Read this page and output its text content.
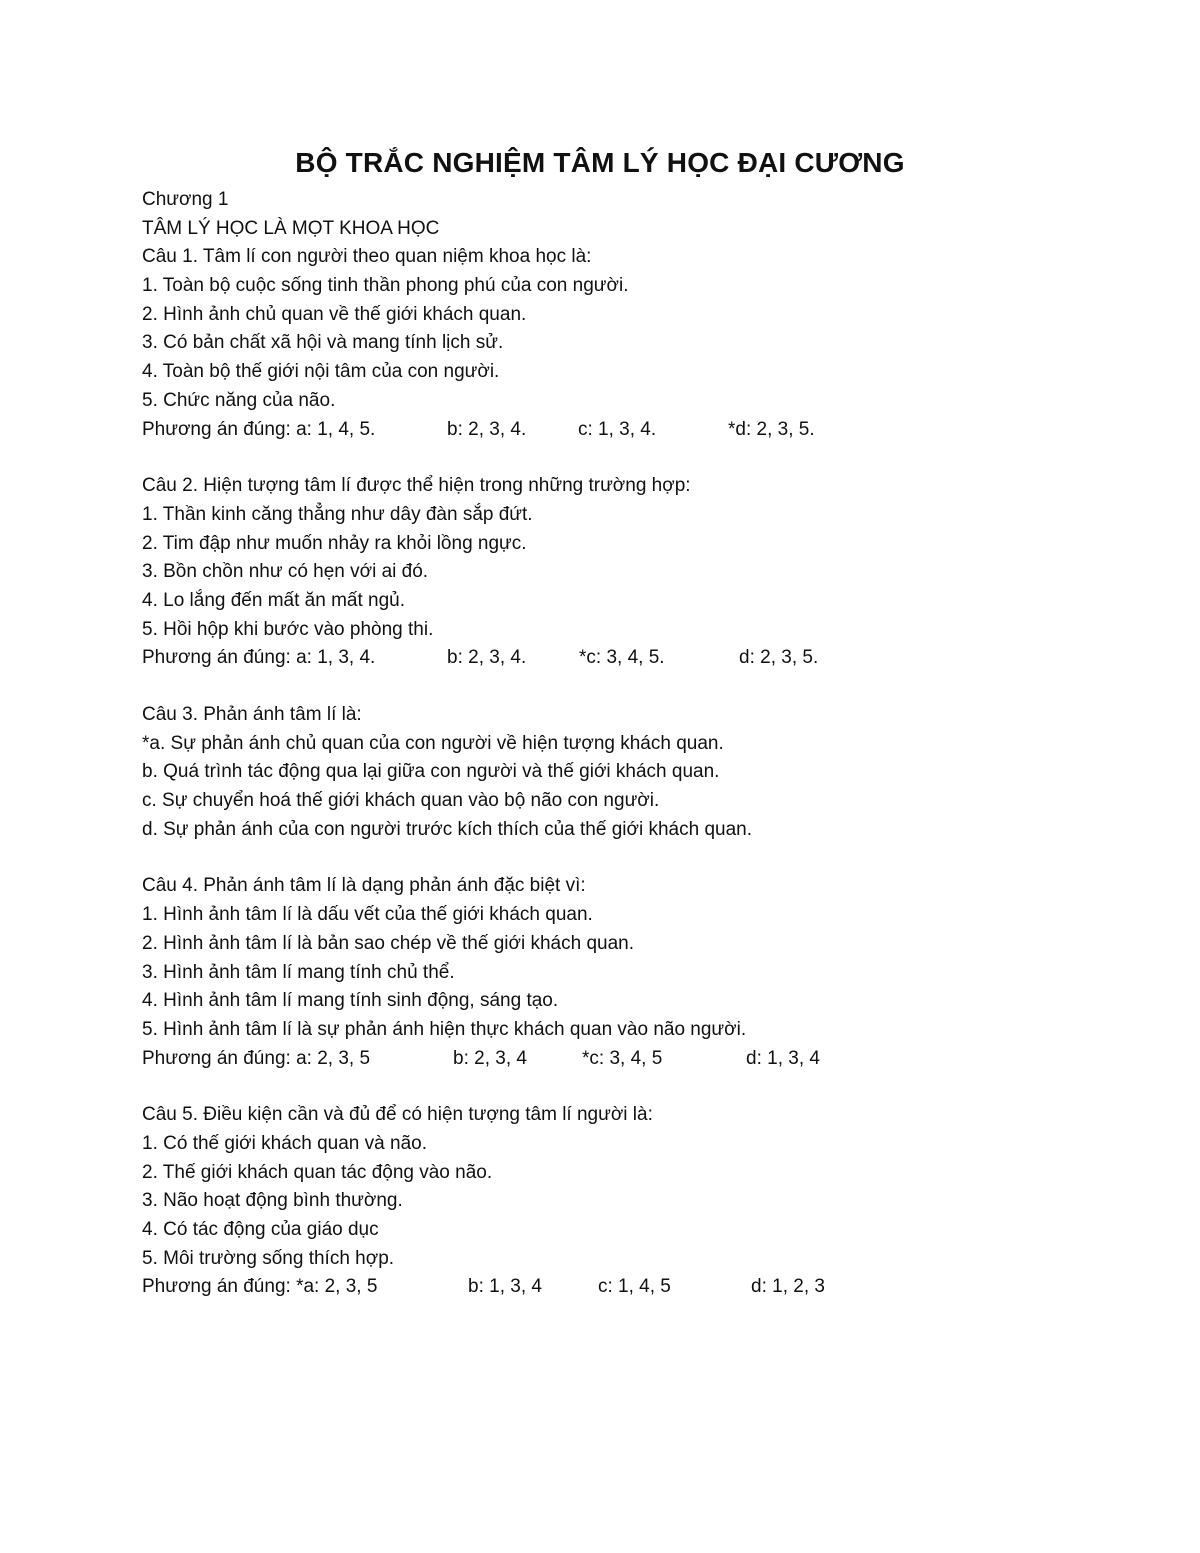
BỘ TRẮC NGHIỆM TÂM LÝ HỌC ĐẠI CƯƠNG
Chương 1
TÂM LÝ HỌC LÀ MỌT KHOA HỌC
Câu 1. Tâm lí con người theo quan niệm khoa học là:
1. Toàn bộ cuộc sống tinh thần phong phú của con người.
2. Hình ảnh chủ quan về thế giới khách quan.
3. Có bản chất xã hội và mang tính lịch sử.
4. Toàn bộ thế giới nội tâm của con người.
5. Chức năng của não.
Phương án đúng: a: 1, 4, 5.	b: 2, 3, 4.	c: 1, 3, 4.	*d: 2, 3, 5.
Câu 2. Hiện tượng tâm lí được thể hiện trong những trường hợp:
1. Thần kinh căng thẳng như dây đàn sắp đứt.
2. Tim đập như muốn nhảy ra khỏi lồng ngực.
3. Bồn chồn như có hẹn với ai đó.
4. Lo lắng đến mất ăn mất ngủ.
5. Hồi hộp khi bước vào phòng thi.
Phương án đúng: a: 1, 3, 4.	b: 2, 3, 4.	*c: 3, 4, 5.	d: 2, 3, 5.
Câu 3. Phản ánh tâm lí là:
*a. Sự phản ánh chủ quan của con người về hiện tượng khách quan.
b. Quá trình tác động qua lại giữa con người và thế giới khách quan.
c. Sự chuyển hoá thế giới khách quan vào bộ não con người.
d. Sự phản ánh của con người trước kích thích của thế giới khách quan.
Câu 4. Phản ánh tâm lí là dạng phản ánh đặc biệt vì:
1. Hình ảnh tâm lí là dấu vết của thế giới khách quan.
2. Hình ảnh tâm lí là bản sao chép về thế giới khách quan.
3. Hình ảnh tâm lí mang tính chủ thể.
4. Hình ảnh tâm lí mang tính sinh động, sáng tạo.
5. Hình ảnh tâm lí là sự phản ánh hiện thực khách quan vào não người.
Phương án đúng: a: 2, 3, 5	b: 2, 3, 4	*c: 3, 4, 5	d: 1, 3, 4
Câu 5. Điều kiện cần và đủ để có hiện tượng tâm lí người là:
1. Có thế giới khách quan và não.
2. Thế giới khách quan tác động vào não.
3. Não hoạt động bình thường.
4. Có tác động của giáo dục
5. Môi trường sống thích hợp.
Phương án đúng: *a: 2, 3, 5	b: 1, 3, 4	c: 1, 4, 5	d: 1, 2, 3
